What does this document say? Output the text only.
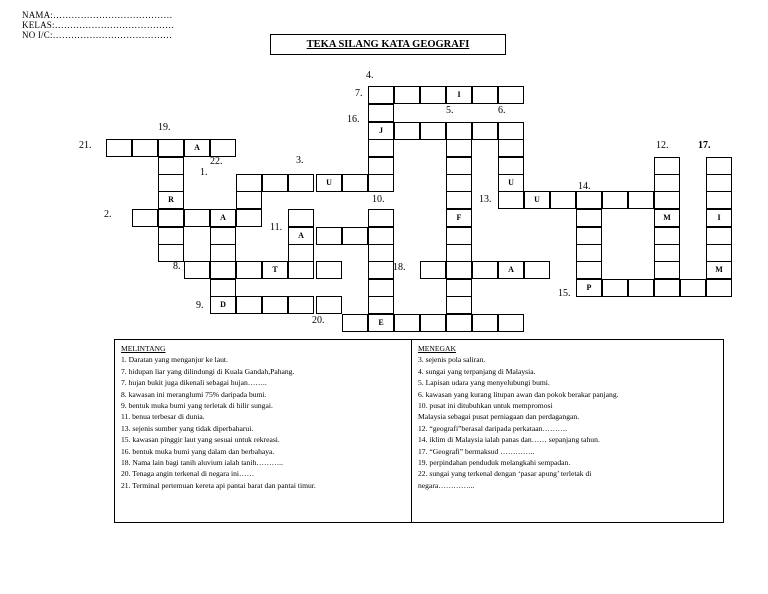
NAMA:…………………………………
KELAS:…………………………………
NO I/C:…………………………………
TEKA SILANG KATA GEOGRAFI
I
J
A
U	U
R	U
A	F	M	I
A
T	A	M
P
D
E
4.
7.
5.	6.
16.
19.
21.	12.	17.
22.	3.
1.
14.
10.	13.
2.
11.
8.	18.
15.
9.
20.
MELINTANG
1. Daratan yang menganjur ke laut.
7. hidupan liar yang dilindungi di Kuala Gandah,Pahang.
7. hujan bukit juga dikenali sebagai hujan……..
8. kawasan ini meranglumi 75% daripada bumi.
9. bentuk muka bumi yang terletak di hilir sungai.
11. benua terbesar di dunia.
13. sejenis sumber yang tidak diperbaharui.
15. kawasan pinggir laut yang sesuai untuk rekreasi.
16. bentuk muka bumi yang dalam dan berbahaya.
18. Nama lain bagi tanih aluvium ialah tanih………..
20. Tenaga angin terkenal di negara ini……
21. Terminal pertemuan kereta api pantai barat dan pantai timur.
MENEGAK
3. sejenis pola saliran.
4. sungai yang terpanjang di Malaysia.
5. Lapisan udara yang menyelubungi bumi.
6. kawasan yang kurang litupan awan dan pokok berakar panjang.
10. pusat ini ditubuhkan untuk mempromosi
Malaysia sebagai pusat perniagaan dan perdagangan.
12. “geografi”berasal daripada perkataan……….
14. iklim di Malaysia ialah panas dan…… sepanjang tahun.
17. “Geografi” bermaksud …………..
19. perpindahan penduduk melangkahi sempadan.
22. sungai yang terkenal dengan ‘pasar apung’ terletak di
negara…………...
